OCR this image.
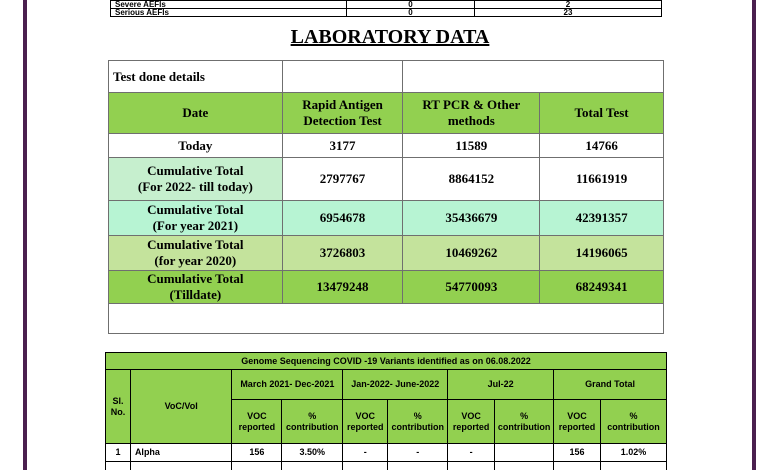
Severe AEFIs	0	2
Serious AEFIs	0	23
LABORATORY DATA
Test done details			
Date	Rapid Antigen Detection Test	RT PCR & Other methods	Total Test
Today	3177	11589	14766
Cumulative Total
(For 2022- till today)	2797767	8864152	11661919
Cumulative Total
(For year 2021)	6954678	35436679	42391357
Cumulative Total
(for year 2020)	3726803	10469262	14196065
Cumulative Total
(Tilldate)	13479248	54770093	68249341

Genome Sequencing COVID -19 Variants identified as on 06.08.2022									
Sl. No.	VoC/VoI	March 2021- Dec-2021		Jan-2022- June-2022		Jul-22		Grand Total	
		VOC reported	% contribution	VOC reported	% contribution	VOC reported	% contribution	VOC reported	% contribution
1	Alpha	156	3.50%	-	-	-		156	1.02%
